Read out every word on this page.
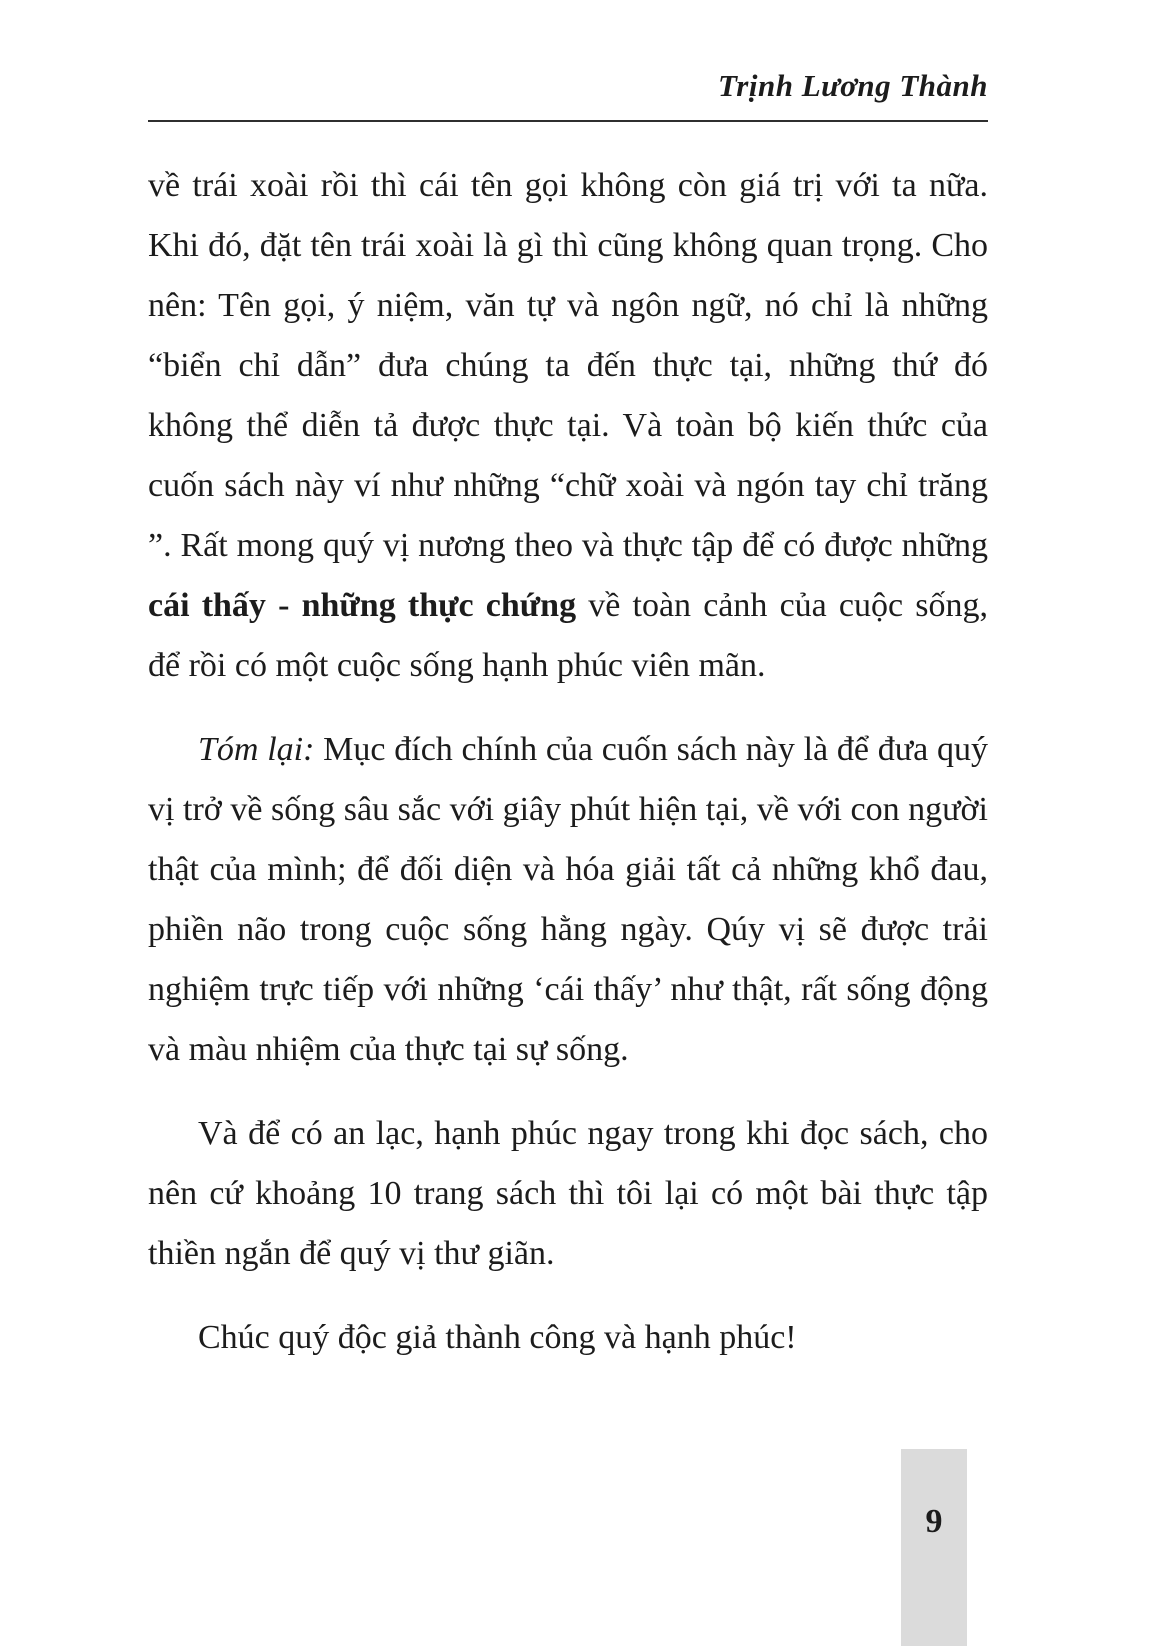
Trịnh Lương Thành

về trái xoài rồi thì cái tên gọi không còn giá trị với ta nữa. Khi đó, đặt tên trái xoài là gì thì cũng không quan trọng. Cho nên: Tên gọi, ý niệm, văn tự và ngôn ngữ, nó chỉ là những “biển chỉ dẫn” đưa chúng ta đến thực tại, những thứ đó không thể diễn tả được thực tại. Và toàn bộ kiến thức của cuốn sách này ví như những “chữ xoài và ngón tay chỉ trăng ”. Rất mong quý vị nương theo và thực tập để có được những cái thấy - những thực chứng về toàn cảnh của cuộc sống, để rồi có một cuộc sống hạnh phúc viên mãn.

Tóm lại: Mục đích chính của cuốn sách này là để đưa quý vị trở về sống sâu sắc với giây phút hiện tại, về với con người thật của mình; để đối diện và hóa giải tất cả những khổ đau, phiền não trong cuộc sống hằng ngày. Qúy vị sẽ được trải nghiệm trực tiếp với những ‘cái thấy’ như thật, rất sống động và màu nhiệm của thực tại sự sống.

Và để có an lạc, hạnh phúc ngay trong khi đọc sách, cho nên cứ khoảng 10 trang sách thì tôi lại có một bài thực tập thiền ngắn để quý vị thư giãn.

Chúc quý độc giả thành công và hạnh phúc!

9
